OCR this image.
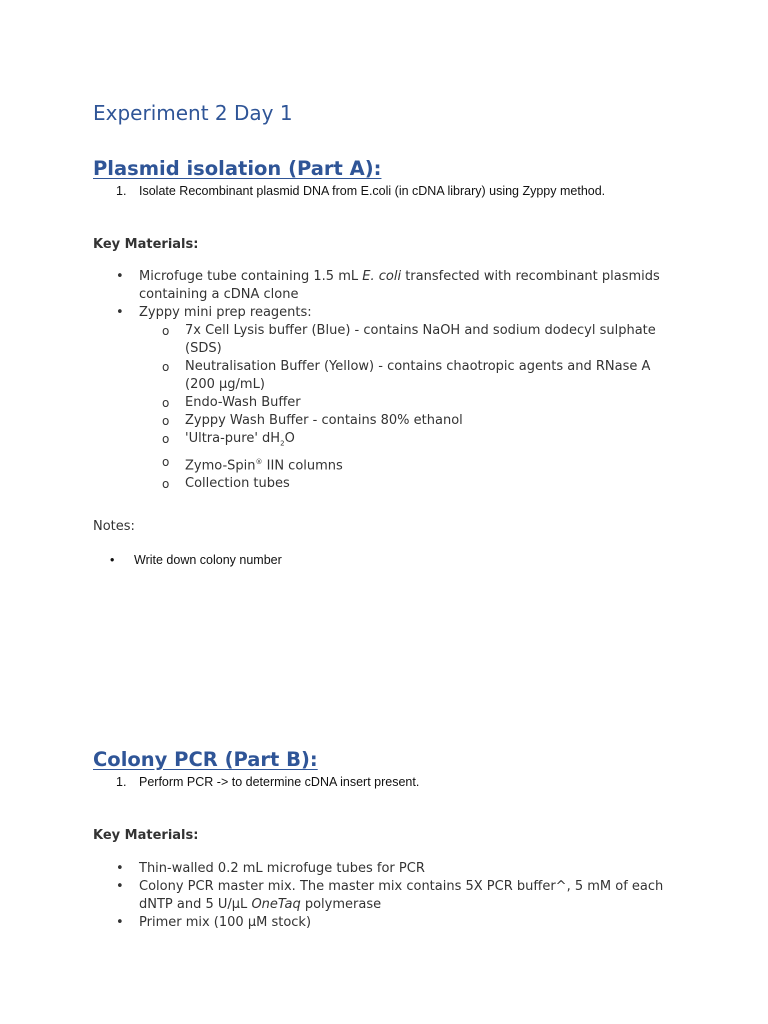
Experiment 2 Day 1
Plasmid isolation (Part A):
1. Isolate Recombinant plasmid DNA from E.coli (in cDNA library) using Zyppy method.
Key Materials:
• Microfuge tube containing 1.5 mL E. coli transfected with recombinant plasmids containing a cDNA clone
• Zyppy mini prep reagents:
o 7x Cell Lysis buffer (Blue) - contains NaOH and sodium dodecyl sulphate (SDS)
o Neutralisation Buffer (Yellow) - contains chaotropic agents and RNase A (200 µg/mL)
o Endo-Wash Buffer
o Zyppy Wash Buffer - contains 80% ethanol
o 'Ultra-pure' $dH_2O$
o Zymo-Spin® IIN columns
o Collection tubes
Notes:
• Write down colony number
Colony PCR (Part B):
1. Perform PCR -> to determine cDNA insert present.
Key Materials:
• Thin-walled 0.2 mL microfuge tubes for PCR
• Colony PCR master mix. The master mix contains 5X PCR buffer^, 5 mM of each dNTP and 5 U/µL OneTaq polymerase
• Primer mix (100 µM stock)
